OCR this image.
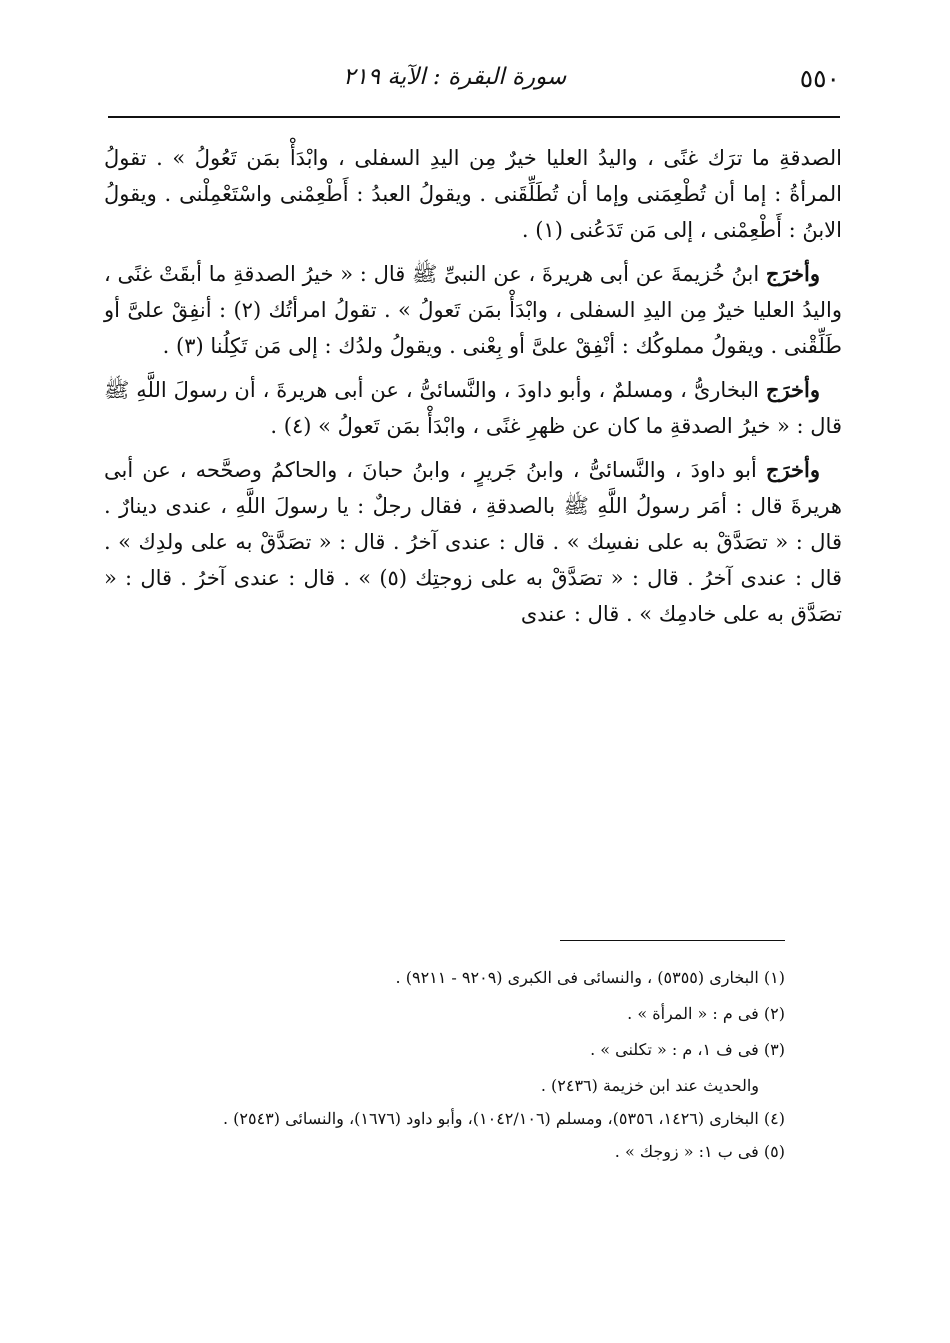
٥٥٠
سورة البقرة : الآية ٢١٩

الصدقةِ ما ترَك غنًى ، واليدُ العليا خيرٌ مِن اليدِ السفلى ، وابْدَأْ بمَن تَعُولُ » . تقولُ المرأةُ : إما أن تُطْعِمَنى وإما أن تُطَلِّقَنى . ويقولُ العبدُ : أَطْعِمْنى واسْتَعْمِلْنى . ويقولُ الابنُ : أَطْعِمْنى ، إلى مَن تَدَعُنى (١) .

وأخرَج ابنُ خُزيمةَ عن أبى هريرةَ ، عن النبىِّ ﷺ قال : « خيرُ الصدقةِ ما أبقَتْ غنًى ، واليدُ العليا خيرٌ مِن اليدِ السفلى ، وابْدَأْ بمَن تَعولُ » . تقولُ امرأتُك (٢) : أنفِقْ علىَّ أو طَلِّقْنى . ويقولُ مملوكُك : أنْفِقْ علىَّ أو بِعْنى . ويقولُ ولدُك : إلى مَن تَكِلُنا (٣) .

وأخرَج البخارىُّ ، ومسلمٌ ، وأبو داودَ ، والنَّسائىُّ ، عن أبى هريرةَ ، أن رسولَ اللَّهِ ﷺ قال : « خيرُ الصدقةِ ما كان عن ظهرِ غنًى ، وابْدَأْ بمَن تَعولُ » (٤) .

وأخرَج أبو داودَ ، والنَّسائىُّ ، وابنُ جَريرٍ ، وابنُ حبانَ ، والحاكمُ وصحَّحه ، عن أبى هريرةَ قال : أمَر رسولُ اللَّهِ ﷺ بالصدقةِ ، فقال رجلٌ : يا رسولَ اللَّهِ ، عندى دينارٌ . قال : « تصَدَّقْ به على نفسِك » . قال : عندى آخرُ . قال : « تصَدَّقْ به على ولدِك » . قال : عندى آخرُ . قال : « تصَدَّقْ به على زوجتِك (٥) » . قال : عندى آخرُ . قال : « تصَدَّق به على خادمِك » . قال : عندى

(١) البخارى (٥٣٥٥) ، والنسائى فى الكبرى (٩٢٠٩ - ٩٢١١) .

(٢) فى م : « المرأة » .

(٣) فى ف ١، م : « تكلنى » .

والحديث عند ابن خزيمة (٢٤٣٦) .

(٤) البخارى (١٤٢٦، ٥٣٥٦)، ومسلم (١٠٤٢/١٠٦)، وأبو داود (١٦٧٦)، والنسائى (٢٥٤٣) .

(٥) فى ب ١: « زوجك » .
